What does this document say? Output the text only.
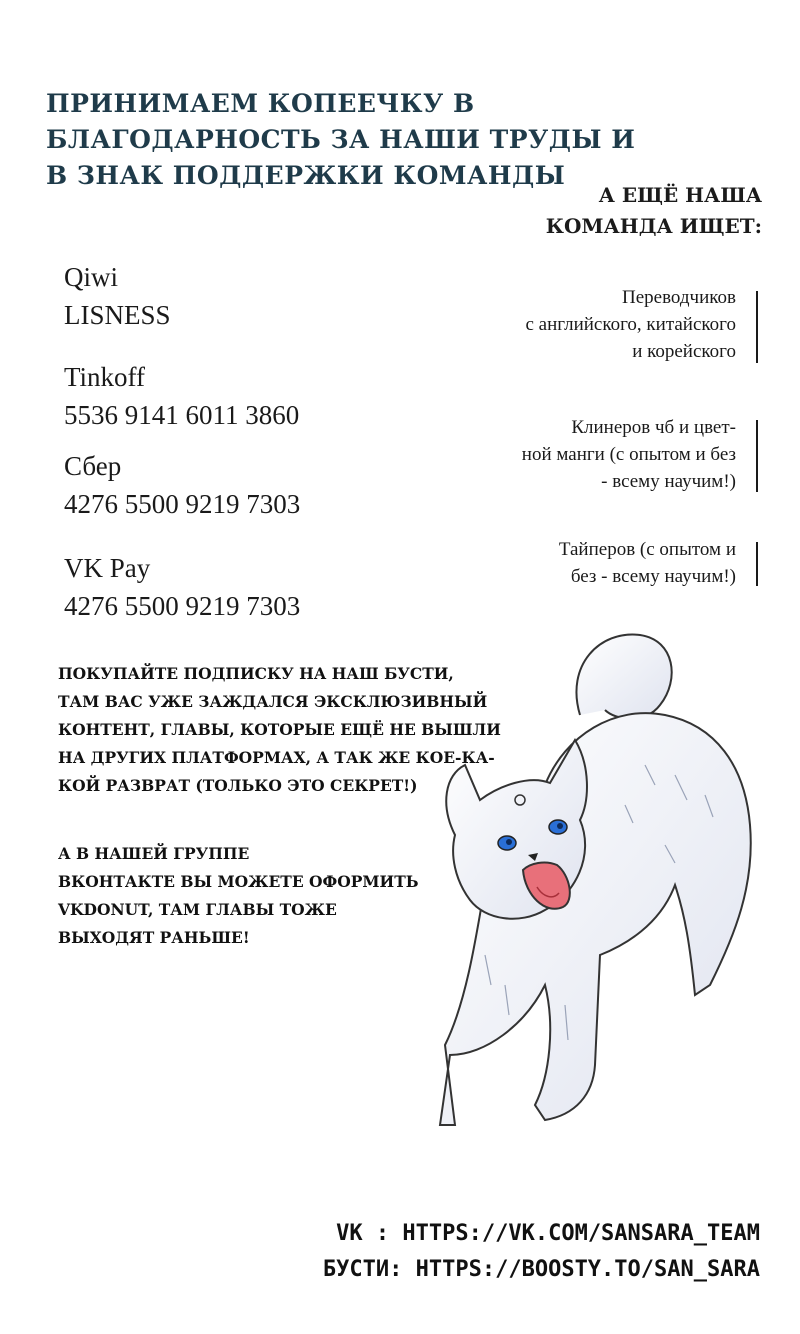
ПРИНИМАЕМ КОПЕЕЧКУ В
БЛАГОДАРНОСТЬ ЗА НАШИ ТРУДЫ И
В ЗНАК ПОДДЕРЖКИ КОМАНДЫ
А ЕЩЁ НАША
КОМАНДА ИЩЕТ:
Qiwi
LISNESS
Tinkoff
5536 9141 6011 3860
Сбер
4276 5500 9219 7303
VK Pay
4276 5500 9219 7303
Переводчиков
с английского, китайского
и корейского
Клинеров чб и цвет-
ной манги (с опытом и без
- всему научим!)
Тайперов (с опытом и
без - всему научим!)
ПОКУПАЙТЕ ПОДПИСКУ НА НАШ БУСТИ,
ТАМ ВАС УЖЕ ЗАЖДАЛСЯ ЭКСКЛЮЗИВНЫЙ
КОНТЕНТ, ГЛАВЫ, КОТОРЫЕ ЕЩЁ НЕ ВЫШЛИ
НА ДРУГИХ ПЛАТФОРМАХ, А ТАК ЖЕ КОЕ-КА-
КОЙ РАЗВРАТ (ТОЛЬКО ЭТО СЕКРЕТ!)
А В НАШЕЙ ГРУППЕ
ВКОНТАКТЕ ВЫ МОЖЕТЕ ОФОРМИТЬ
VKDONUT, ТАМ ГЛАВЫ ТОЖЕ
ВЫХОДЯТ РАНЬШЕ!
VK : HTTPS://VK.COM/SANSARA_TEAM
БУСТИ: HTTPS://BOOSTY.TO/SAN_SARA
